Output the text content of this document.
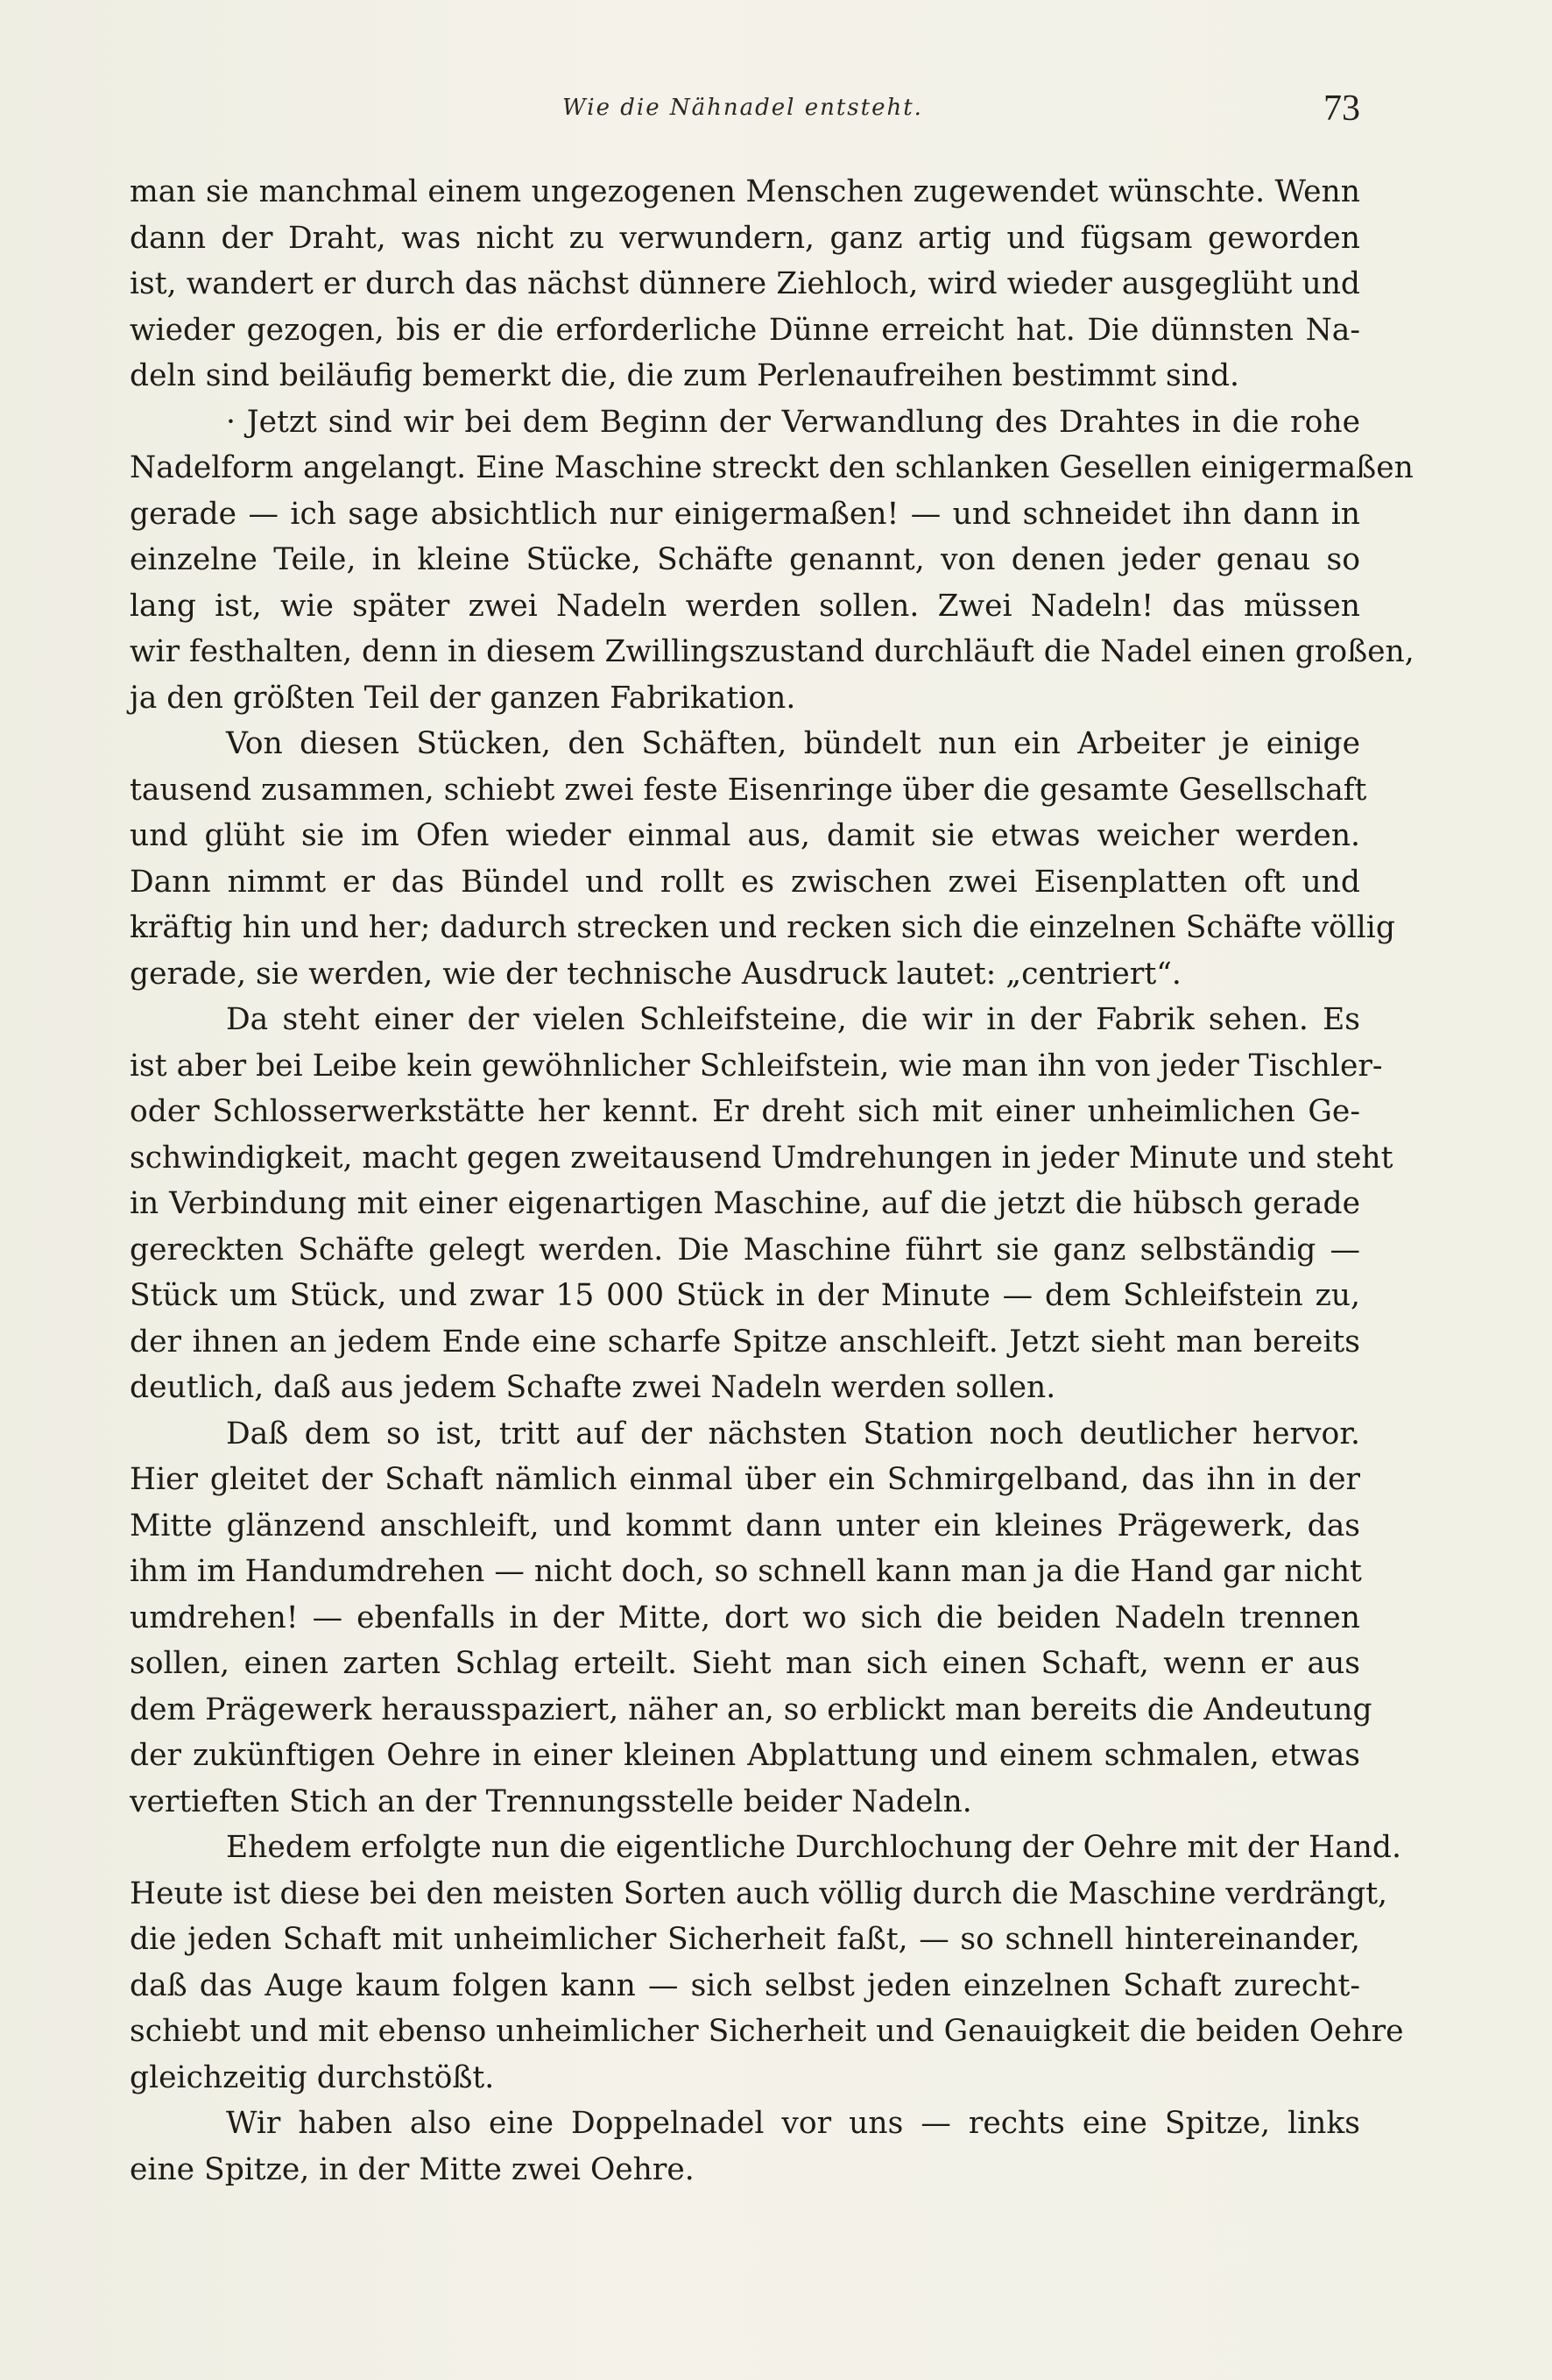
Wie die Nähnadel entsteht.	73
man sie manchmal einem ungezogenen Menschen zugewendet wünschte. Wenn
dann der Draht, was nicht zu verwundern, ganz artig und fügsam geworden
ist, wandert er durch das nächst dünnere Ziehloch, wird wieder ausgeglüht und
wieder gezogen, bis er die erforderliche Dünne erreicht hat. Die dünnsten Na-
deln sind beiläufig bemerkt die, die zum Perlenaufreihen bestimmt sind.
· Jetzt sind wir bei dem Beginn der Verwandlung des Drahtes in die rohe
Nadelform angelangt. Eine Maschine streckt den schlanken Gesellen einigermaßen
gerade — ich sage absichtlich nur einigermaßen! — und schneidet ihn dann in
einzelne Teile, in kleine Stücke, Schäfte genannt, von denen jeder genau so
lang ist, wie später zwei Nadeln werden sollen. Zwei Nadeln! das müssen
wir festhalten, denn in diesem Zwillingszustand durchläuft die Nadel einen großen,
ja den größten Teil der ganzen Fabrikation.
Von diesen Stücken, den Schäften, bündelt nun ein Arbeiter je einige
tausend zusammen, schiebt zwei feste Eisenringe über die gesamte Gesellschaft
und glüht sie im Ofen wieder einmal aus, damit sie etwas weicher werden.
Dann nimmt er das Bündel und rollt es zwischen zwei Eisenplatten oft und
kräftig hin und her; dadurch strecken und recken sich die einzelnen Schäfte völlig
gerade, sie werden, wie der technische Ausdruck lautet: „centriert“.
Da steht einer der vielen Schleifsteine, die wir in der Fabrik sehen. Es
ist aber bei Leibe kein gewöhnlicher Schleifstein, wie man ihn von jeder Tischler-
oder Schlosserwerkstätte her kennt. Er dreht sich mit einer unheimlichen Ge-
schwindigkeit, macht gegen zweitausend Umdrehungen in jeder Minute und steht
in Verbindung mit einer eigenartigen Maschine, auf die jetzt die hübsch gerade
gereckten Schäfte gelegt werden. Die Maschine führt sie ganz selbständig —
Stück um Stück, und zwar 15 000 Stück in der Minute — dem Schleifstein zu,
der ihnen an jedem Ende eine scharfe Spitze anschleift. Jetzt sieht man bereits
deutlich, daß aus jedem Schafte zwei Nadeln werden sollen.
Daß dem so ist, tritt auf der nächsten Station noch deutlicher hervor.
Hier gleitet der Schaft nämlich einmal über ein Schmirgelband, das ihn in der
Mitte glänzend anschleift, und kommt dann unter ein kleines Prägewerk, das
ihm im Handumdrehen — nicht doch, so schnell kann man ja die Hand gar nicht
umdrehen! — ebenfalls in der Mitte, dort wo sich die beiden Nadeln trennen
sollen, einen zarten Schlag erteilt. Sieht man sich einen Schaft, wenn er aus
dem Prägewerk herausspaziert, näher an, so erblickt man bereits die Andeutung
der zukünftigen Oehre in einer kleinen Abplattung und einem schmalen, etwas
vertieften Stich an der Trennungsstelle beider Nadeln.
Ehedem erfolgte nun die eigentliche Durchlochung der Oehre mit der Hand.
Heute ist diese bei den meisten Sorten auch völlig durch die Maschine verdrängt,
die jeden Schaft mit unheimlicher Sicherheit faßt, — so schnell hintereinander,
daß das Auge kaum folgen kann — sich selbst jeden einzelnen Schaft zurecht-
schiebt und mit ebenso unheimlicher Sicherheit und Genauigkeit die beiden Oehre
gleichzeitig durchstößt.
Wir haben also eine Doppelnadel vor uns — rechts eine Spitze, links
eine Spitze, in der Mitte zwei Oehre.
